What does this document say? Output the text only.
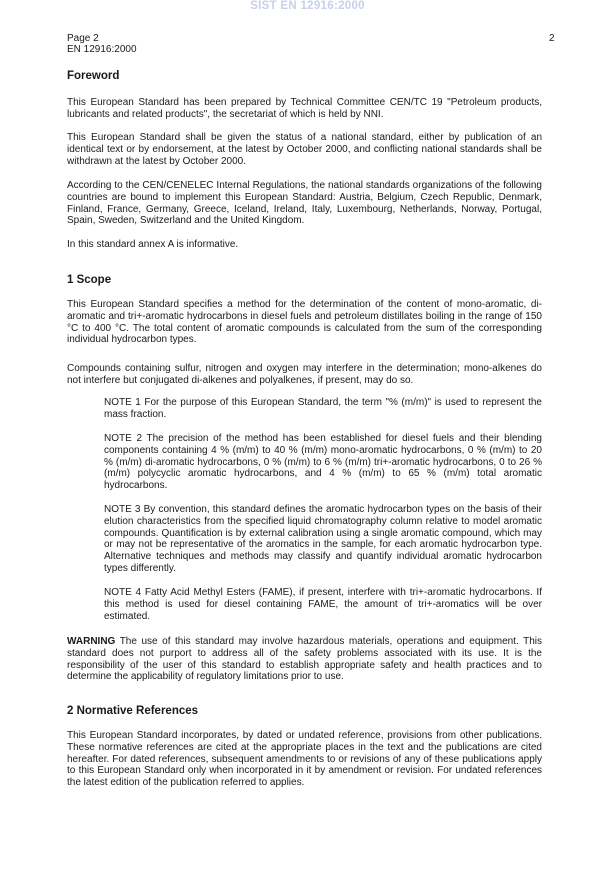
SIST EN 12916:2000
Page 2	2
EN 12916:2000
Foreword

This European Standard has been prepared by Technical Committee CEN/TC 19 "Petroleum products, lubricants and related products", the secretariat of which is held by NNI.

This European Standard shall be given the status of a national standard, either by publication of an identical text or by endorsement, at the latest by October 2000, and conflicting national standards shall be withdrawn at the latest by October 2000.

According to the CEN/CENELEC Internal Regulations, the national standards organizations of the following countries are bound to implement this European Standard: Austria, Belgium, Czech Republic, Denmark, Finland, France, Germany, Greece, Iceland, Ireland, Italy, Luxembourg, Netherlands, Norway, Portugal, Spain, Sweden, Switzerland and the United Kingdom.

In this standard annex A is informative.

1 Scope

This European Standard specifies a method for the determination of the content of mono-aromatic, di-aromatic and tri+-aromatic hydrocarbons in diesel fuels and petroleum distillates boiling in the range of 150 °C to 400 °C. The total content of aromatic compounds is calculated from the sum of the corresponding individual hydrocarbon types.

Compounds containing sulfur, nitrogen and oxygen may interfere in the determination; mono-alkenes do not interfere but conjugated di-alkenes and polyalkenes, if present, may do so.

NOTE 1 For the purpose of this European Standard, the term "% (m/m)" is used to represent the mass fraction.

NOTE 2 The precision of the method has been established for diesel fuels and their blending components containing 4 % (m/m) to 40 % (m/m) mono-aromatic hydrocarbons, 0 % (m/m) to 20 % (m/m) di-aromatic hydrocarbons, 0 % (m/m) to 6 % (m/m) tri+-aromatic hydrocarbons, 0 to 26 % (m/m) polycyclic aromatic hydrocarbons, and 4 % (m/m) to 65 % (m/m) total aromatic hydrocarbons.

NOTE 3 By convention, this standard defines the aromatic hydrocarbon types on the basis of their elution characteristics from the specified liquid chromatography column relative to model aromatic compounds. Quantification is by external calibration using a single aromatic compound, which may or may not be representative of the aromatics in the sample, for each aromatic hydrocarbon type. Alternative techniques and methods may classify and quantify individual aromatic hydrocarbon types differently.

NOTE 4 Fatty Acid Methyl Esters (FAME), if present, interfere with tri+-aromatic hydrocarbons. If this method is used for diesel containing FAME, the amount of tri+-aromatics will be over estimated.

WARNING The use of this standard may involve hazardous materials, operations and equipment. This standard does not purport to address all of the safety problems associated with its use. It is the responsibility of the user of this standard to establish appropriate safety and health practices and to determine the applicability of regulatory limitations prior to use.

2 Normative References

This European Standard incorporates, by dated or undated reference, provisions from other publications. These normative references are cited at the appropriate places in the text and the publications are cited hereafter. For dated references, subsequent amendments to or revisions of any of these publications apply to this European Standard only when incorporated in it by amendment or revision. For undated references the latest edition of the publication referred to applies.
